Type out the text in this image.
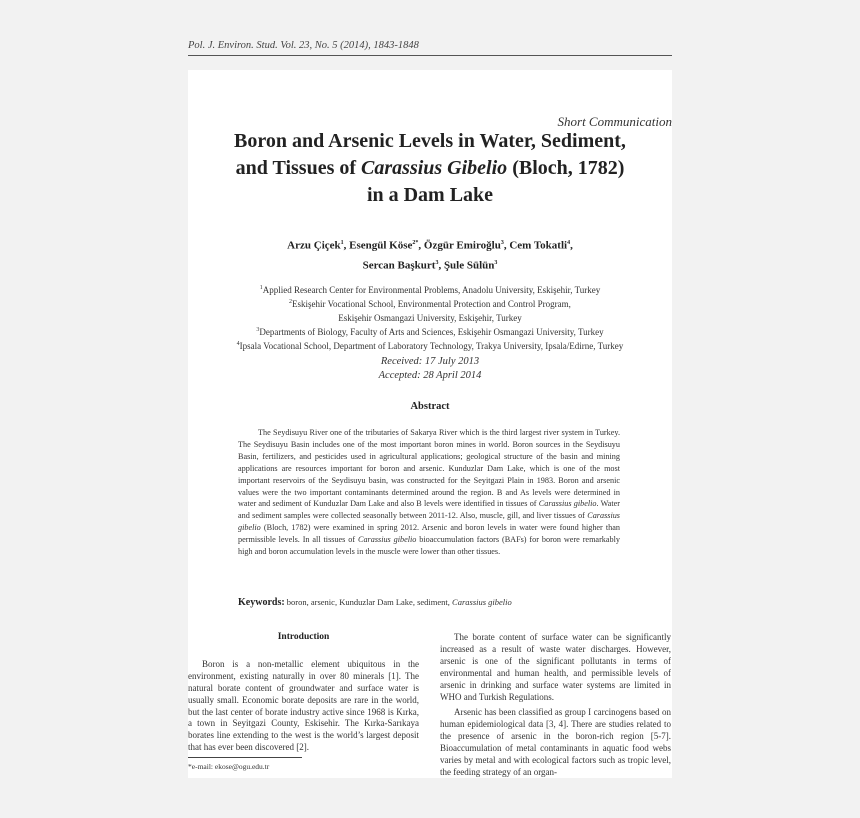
Pol. J. Environ. Stud. Vol. 23, No. 5 (2014), 1843-1848
Short Communication
Boron and Arsenic Levels in Water, Sediment,
and Tissues of Carassius Gibelio (Bloch, 1782)
in a Dam Lake
Arzu Çiçek$^1$, Esengül Köse$^{2*}$, Özgür Emiroğlu$^3$, Cem Tokatli$^4$,
Sercan Başkurt$^3$, Şule Sülün$^3$
$^1$Applied Research Center for Environmental Problems, Anadolu University, Eskişehir, Turkey
$^2$Eskişehir Vocational School, Environmental Protection and Control Program,
Eskişehir Osmangazi University, Eskişehir, Turkey
$^3$Departments of Biology, Faculty of Arts and Sciences, Eskişehir Osmangazi University, Turkey
$^4$Ipsala Vocational School, Department of Laboratory Technology, Trakya University, Ipsala/Edirne, Turkey
Received: 17 July 2013
Accepted: 28 April 2014
Abstract

The Seydisuyu River one of the tributaries of Sakarya River which is the third largest river system in Turkey. The Seydisuyu Basin includes one of the most important boron mines in world. Boron sources in the Seydisuyu Basin, fertilizers, and pesticides used in agricultural applications; geological structure of the basin and mining applications are resources important for boron and arsenic. Kunduzlar Dam Lake, which is one of the most important reservoirs of the Seydisuyu basin, was constructed for the Seyitgazi Plain in 1983. Boron and arsenic values were the two important contaminants determined around the region. B and As levels were determined in water and sediment of Kunduzlar Dam Lake and also B levels were identified in tissues of Carassius gibelio. Water and sediment samples were collected seasonally between 2011-12. Also, muscle, gill, and liver tissues of Carassius gibelio (Bloch, 1782) were examined in spring 2012. Arsenic and boron levels in water were found higher than permissible levels. In all tissues of Carassius gibelio bioaccumulation factors (BAFs) for boron were remarkably high and boron accumulation levels in the muscle were lower than other tissues.

Keywords: boron, arsenic, Kunduzlar Dam Lake, sediment, Carassius gibelio
Introduction

Boron is a non-metallic element ubiquitous in the environment, existing naturally in over 80 minerals [1]. The natural borate content of groundwater and surface water is usually small. Economic borate deposits are rare in the world, but the last center of borate industry active since 1968 is Kırka, a town in Seyitgazi County, Eskisehir. The Kırka-Sarıkaya borates line extending to the west is the world’s largest deposit that has ever been discovered [2].

*e-mail: ekose@ogu.edu.tr

The borate content of surface water can be significantly increased as a result of waste water discharges. However, arsenic is one of the significant pollutants in terms of environmental and human health, and permissible levels of arsenic in drinking and surface water systems are limited in WHO and Turkish Regulations.

Arsenic has been classified as group I carcinogens based on human epidemiological data [3, 4]. There are studies related to the presence of arsenic in the boron-rich region [5-7]. Bioaccumulation of metal contaminants in aquatic food webs varies by metal and with ecological factors such as tropic level, the feeding strategy of an organ-
